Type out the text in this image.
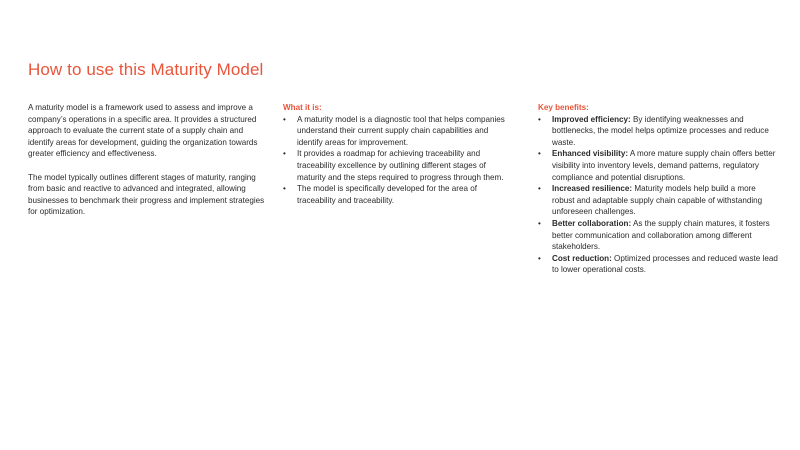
How to use this Maturity Model

A maturity model is a framework used to assess and improve a company’s operations in a specific area. It provides a structured approach to evaluate the current state of a supply chain and identify areas for development, guiding the organization towards greater efficiency and effectiveness.

The model typically outlines different stages of maturity, ranging from basic and reactive to advanced and integrated, allowing businesses to benchmark their progress and implement strategies for optimization.

What it is:
• A maturity model is a diagnostic tool that helps companies understand their current supply chain capabilities and identify areas for improvement.
• It provides a roadmap for achieving traceability and traceability excellence by outlining different stages of maturity and the steps required to progress through them.
• The model is specifically developed for the area of traceability and traceability.
Key benefits:
• Improved efficiency: By identifying weaknesses and bottlenecks, the model helps optimize processes and reduce waste.
• Enhanced visibility: A more mature supply chain offers better visibility into inventory levels, demand patterns, regulatory compliance and potential disruptions.
• Increased resilience: Maturity models help build a more robust and adaptable supply chain capable of withstanding unforeseen challenges.
• Better collaboration: As the supply chain matures, it fosters better communication and collaboration among different stakeholders.
• Cost reduction: Optimized processes and reduced waste lead to lower operational costs.
